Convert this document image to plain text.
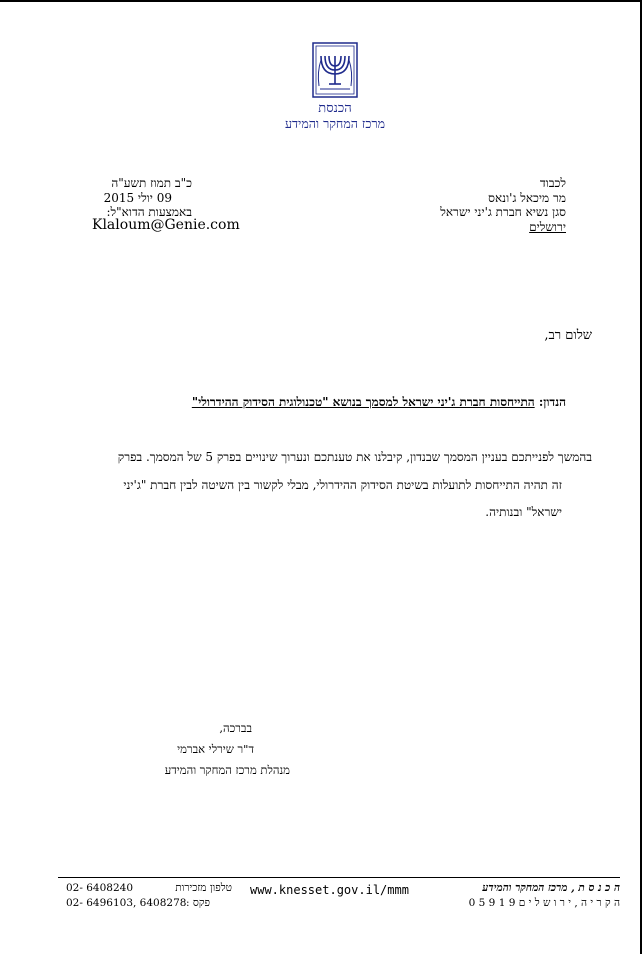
הכנסת
מרכז המחקר והמידע
לכבוד
מר מיכאל ג'ונאס
סגן נשיא חברת ג'יני ישראל
ירושלים
כ"ב תמוז תשע"ה
09 יולי 2015
באמצעות הדוא"ל:
Klaloum@Genie.com
שלום רב,
הנדון: התייחסות חברת ג'יני ישראל למסמך בנושא "טכנולוגית הסידוק ההידרולי"
בהמשך לפנייתכם בעניין המסמך שבנדון, קיבלנו את טענתכם ונערוך שינויים בפרק 5 של המסמך. בפרק
זה תהיה התייחסות לתועלות בשיטת הסידוק ההידרולי, מבלי לקשור בין השיטה לבין חברת "ג'יני
ישראל" ובנותיה.
בברכה,
ד"ר שירלי אברמי
מנהלת מרכז המחקר והמידע
ה כ נ ס ת , מרכז המחקר והמידע
ה ק ר י ה , י ר ו ש ל י ם 9 1 9 5 0
www.knesset.gov.il/mmm
טלפון מזכירות
02- 6408240
פקס :
02- 6496103, 6408278
